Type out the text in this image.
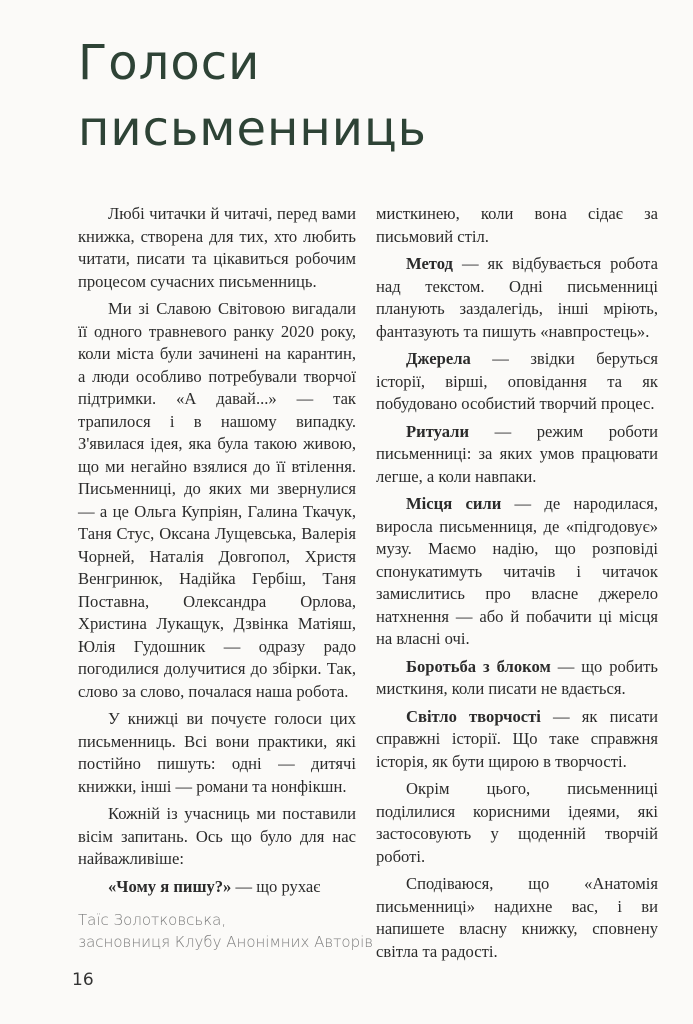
Голоси
письменниць

Любі читачки й читачі, перед вами книжка, створена для тих, хто любить читати, писати та цікавиться робочим процесом сучасних письменниць.

Ми зі Славою Світовою вигадали її одного травневого ранку 2020 року, коли міста були зачинені на карантин, а люди особливо потребували творчої підтримки. «А давай...» — так трапилося і в нашому випадку. З'явилася ідея, яка була такою живою, що ми негайно взялися до її втілення. Письменниці, до яких ми звернулися — а це Ольга Купріян, Галина Ткачук, Таня Стус, Оксана Лущевська, Валерія Чорней, Наталія Довгопол, Христя Венгринюк, Надійка Гербіш, Таня Поставна, Олександра Орлова, Христина Лукащук, Дзвінка Матіяш, Юлія Гудошник — одразу радо погодилися долучитися до збірки. Так, слово за слово, почалася наша робота.

У книжці ви почуєте голоси цих письменниць. Всі вони практики, які постійно пишуть: одні — дитячі книжки, інші — романи та нонфікшн.

Кожній із учасниць ми поставили вісім запитань. Ось що було для нас найважливіше:

«Чому я пишу?» — що рухає

мисткинею, коли вона сідає за письмовий стіл.

Метод — як відбувається робота над текстом. Одні письменниці планують заздалегідь, інші мріють, фантазують та пишуть «навпростець».

Джерела — звідки беруться історії, вірші, оповідання та як побудовано особистий творчий процес.

Ритуали — режим роботи письменниці: за яких умов працювати легше, а коли навпаки.

Місця сили — де народилася, виросла письменниця, де «підгодовує» музу. Маємо надію, що розповіді спонукатимуть читачів і читачок замислитись про власне джерело натхнення — або й побачити ці місця на власні очі.

Боротьба з блоком — що робить мисткиня, коли писати не вдається.

Світло творчості — як писати справжні історії. Що таке справжня історія, як бути щирою в творчості.

Окрім цього, письменниці поділилися корисними ідеями, які застосовують у щоденній творчій роботі.

Сподіваюся, що «Анатомія письменниці» надихне вас, і ви напишете власну книжку, сповнену світла та радості.

Таїс Золотковська,
засновниця Клубу Анонімних Авторів
16
